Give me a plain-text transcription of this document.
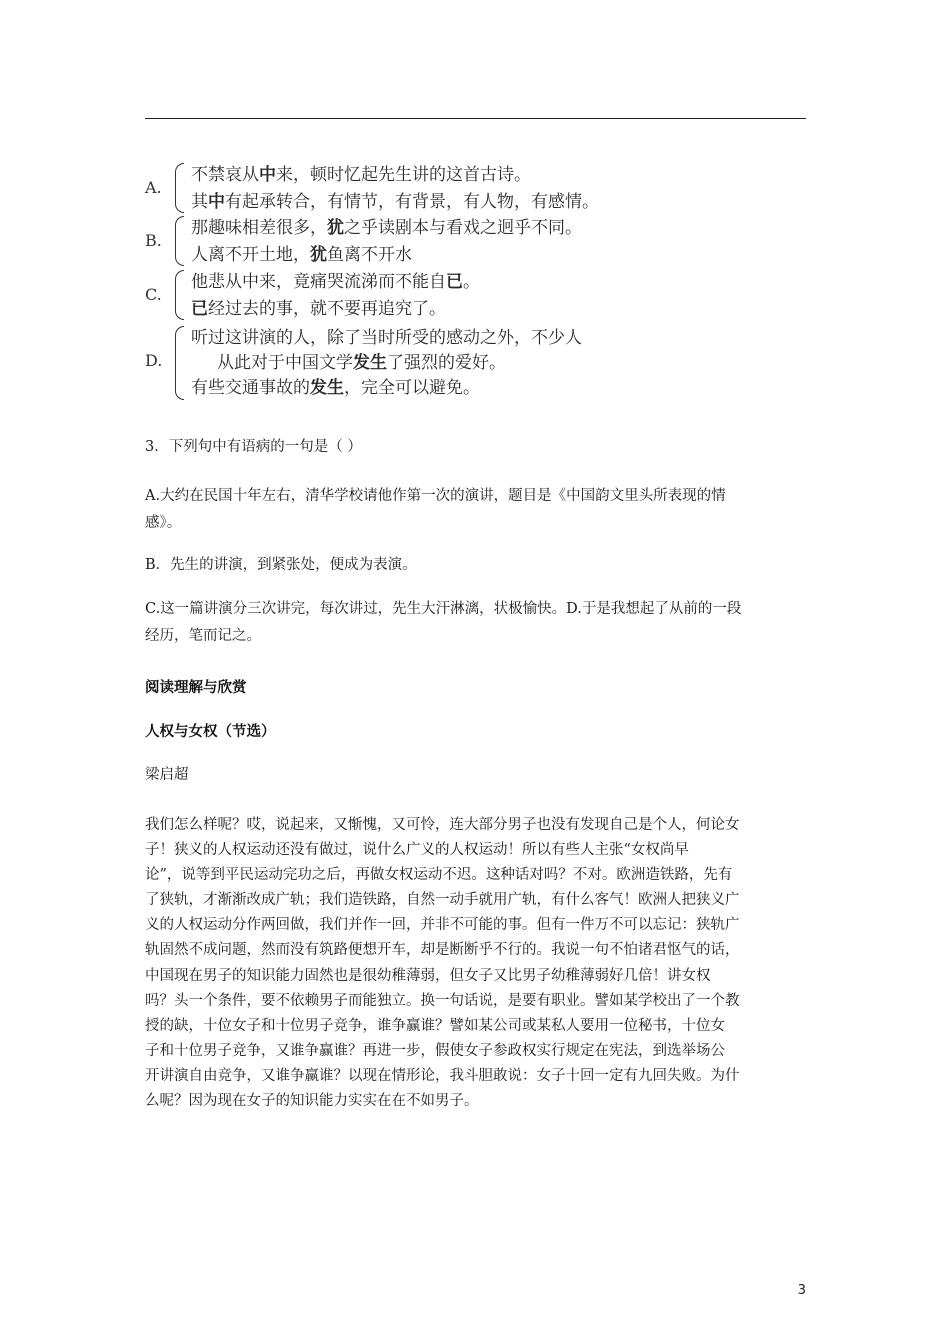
A.
不禁哀从中来，顿时忆起先生讲的这首古诗。
其中有起承转合，有情节，有背景，有人物，有感情。
B.
那趣味相差很多，犹之乎读剧本与看戏之迥乎不同。
人离不开土地，犹鱼离不开水
C.
他悲从中来，竟痛哭流涕而不能自已。
已经过去的事，就不要再追究了。
D.
听过这讲演的人，除了当时所受的感动之外，不少人
从此对于中国文学发生了强烈的爱好。
有些交通事故的发生，完全可以避免。
3．下列句中有语病的一句是（ ）
A.大约在民国十年左右，清华学校请他作第一次的演讲，题目是《中国韵文里头所表现的情
感》。
B．先生的讲演，到紧张处，便成为表演。
C.这一篇讲演分三次讲完，每次讲过，先生大汗淋漓，状极愉快。D.于是我想起了从前的一段
经历，笔而记之。
阅读理解与欣赏
人权与女权（节选）
梁启超
我们怎么样呢？哎，说起来，又惭愧，又可怜，连大部分男子也没有发现自己是个人，何论女
子！狭义的人权运动还没有做过，说什么广义的人权运动！所以有些人主张“女权尚早
论”，说等到平民运动完功之后，再做女权运动不迟。这种话对吗？不对。欧洲造铁路，先有
了狭轨，才渐渐改成广轨；我们造铁路，自然一动手就用广轨，有什么客气！欧洲人把狭义广
义的人权运动分作两回做，我们并作一回，并非不可能的事。但有一件万不可以忘记：狭轨广
轨固然不成问题，然而没有筑路便想开车，却是断断乎不行的。我说一句不怕诸君怄气的话，
中国现在男子的知识能力固然也是很幼稚薄弱，但女子又比男子幼稚薄弱好几倍！讲女权
吗？头一个条件，要不依赖男子而能独立。换一句话说，是要有职业。譬如某学校出了一个教
授的缺，十位女子和十位男子竞争，谁争赢谁？譬如某公司或某私人要用一位秘书，十位女
子和十位男子竞争，又谁争赢谁？再进一步，假使女子参政权实行规定在宪法，到选举场公
开讲演自由竞争，又谁争赢谁？以现在情形论，我斗胆敢说：女子十回一定有九回失败。为什
么呢？因为现在女子的知识能力实实在在不如男子。
3
